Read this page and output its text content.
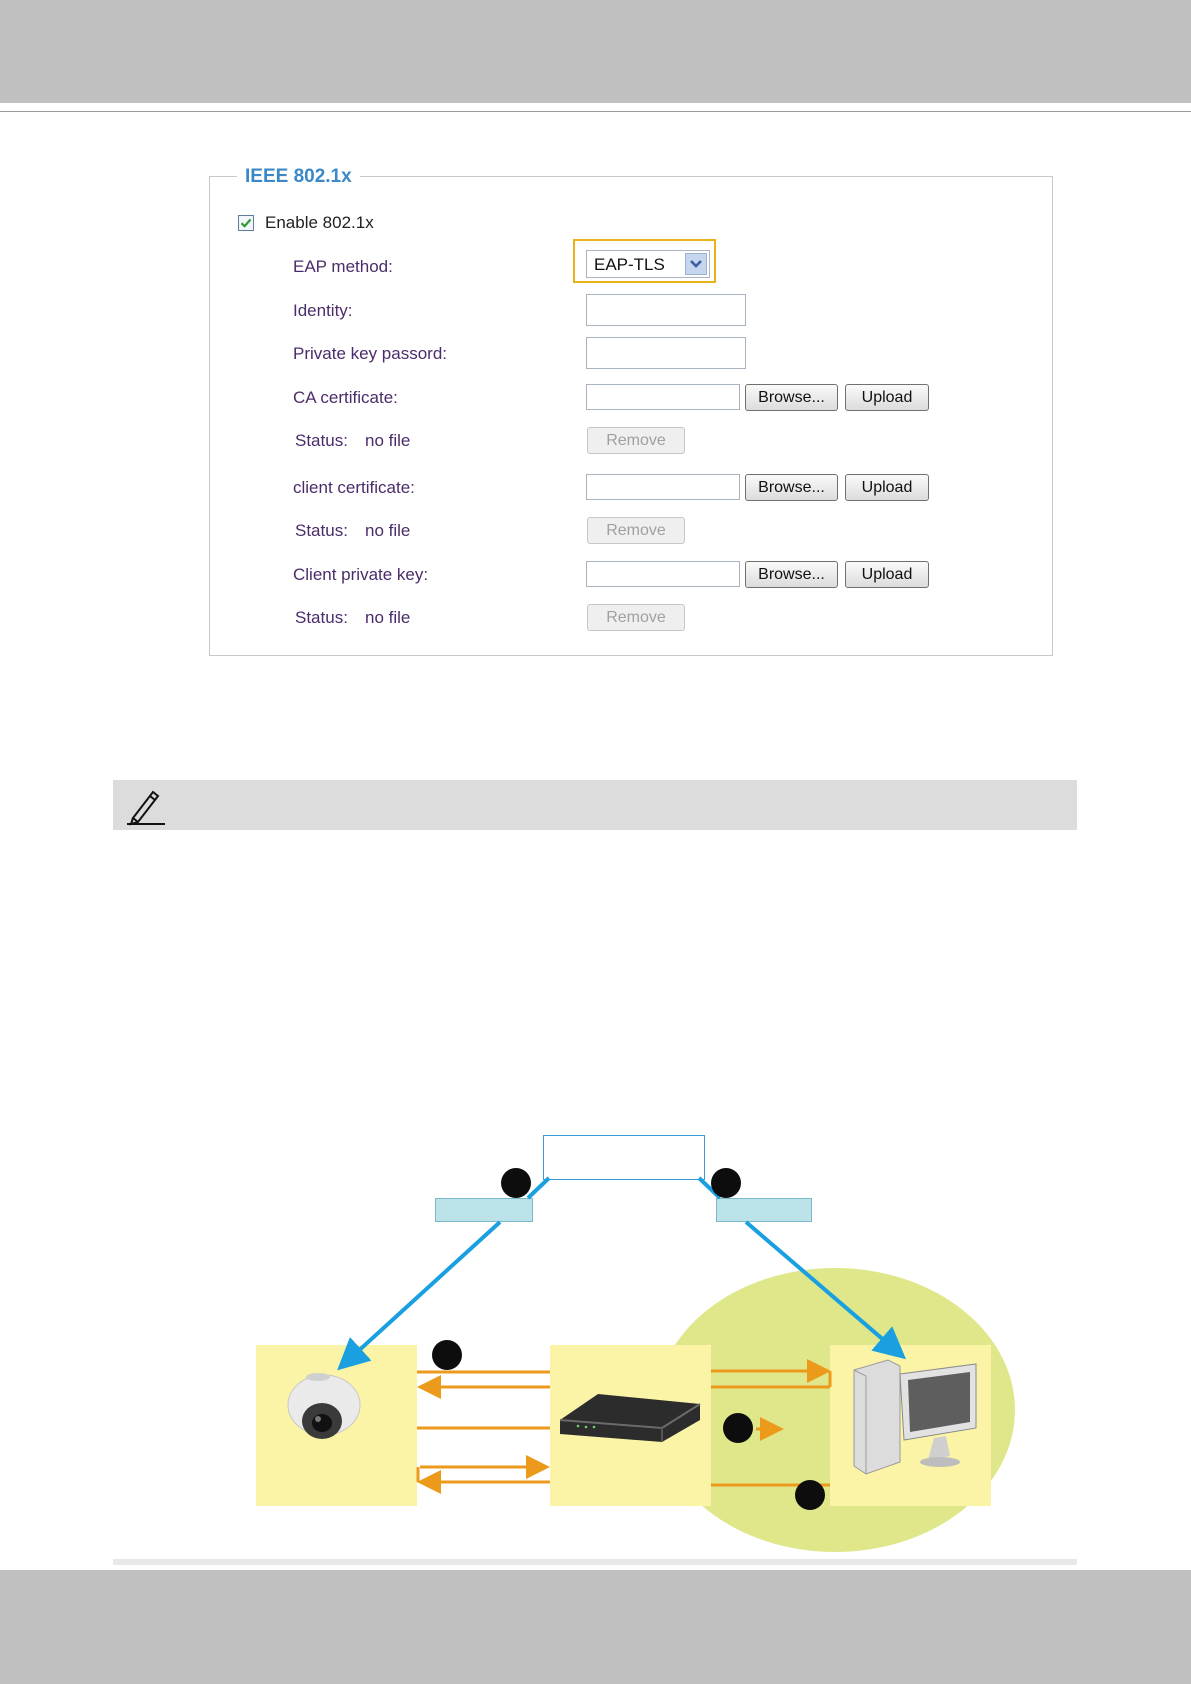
IEEE 802.1x
Enable 802.1x
EAP method:	EAP-TLS
Identity:
Private key passord:
CA certificate:	Browse...	Upload
Status: no file	Remove
client certificate:	Browse...	Upload
Status: no file	Remove
Client private key:	Browse...	Upload
Status: no file	Remove
